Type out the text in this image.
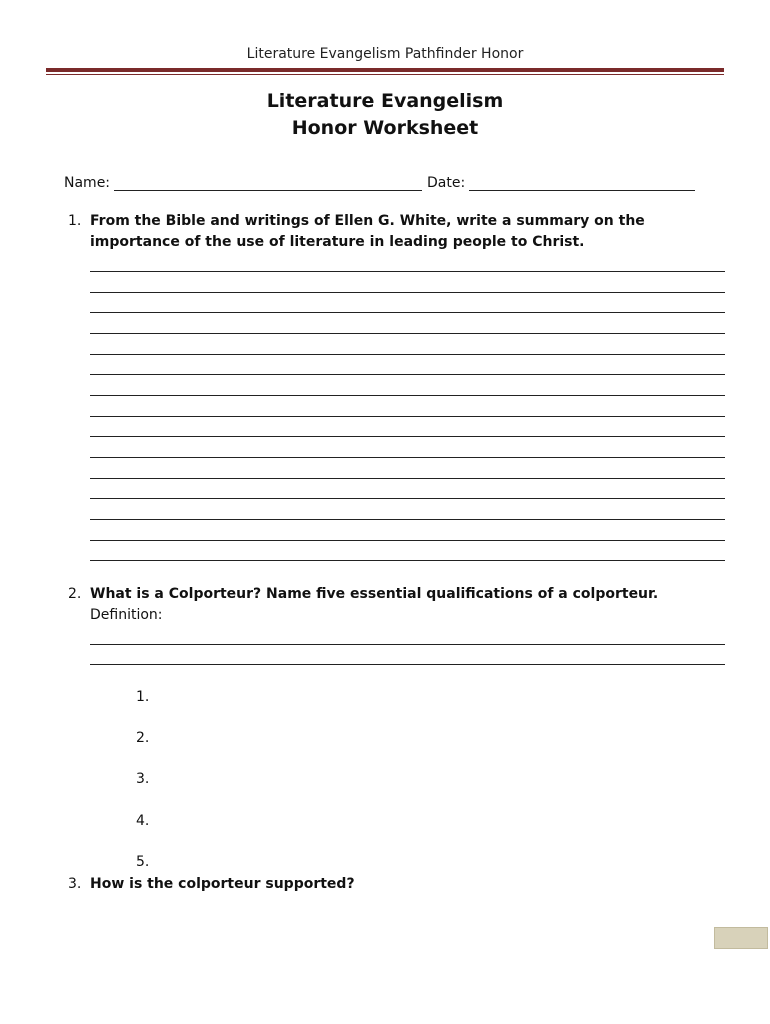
Literature Evangelism Pathfinder Honor
Literature Evangelism
Honor Worksheet
Name:	Date:
1. From the Bible and writings of Ellen G. White, write a summary on the
importance of the use of literature in leading people to Christ.
2. What is a Colporteur? Name five essential qualifications of a colporteur.
Definition:
1.
2.
3.
4.
5.
3. How is the colporteur supported?
